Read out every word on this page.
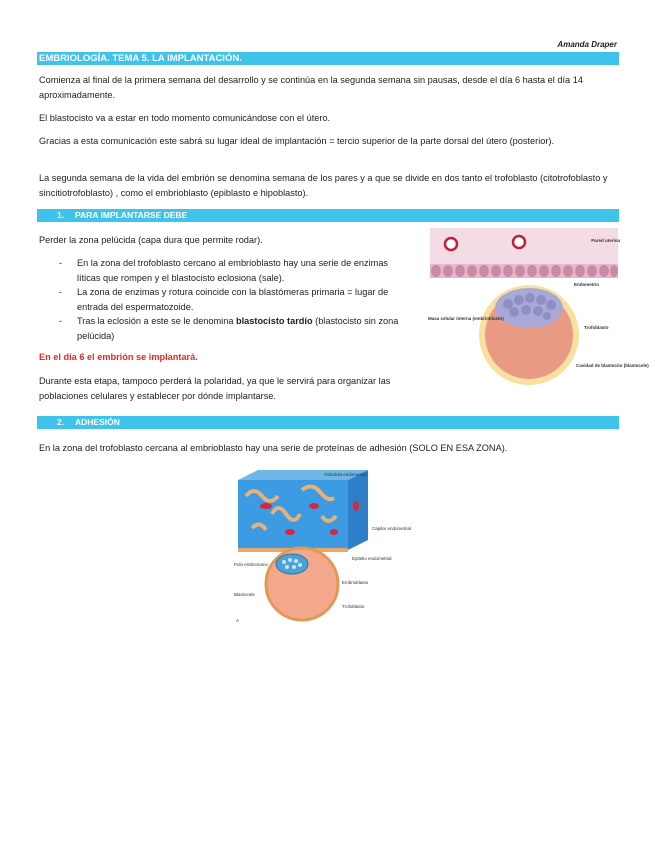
Amanda Draper
EMBRIOLOGÍA. TEMA 5. LA IMPLANTACIÓN.
Comienza al final de la primera semana del desarrollo y se continúa en la segunda semana sin pausas, desde el día 6 hasta el día 14 aproximadamente.
El blastocisto va a estar en todo momento comunicándose con el útero.
Gracias a esta comunicación este sabrá su lugar ideal de implantación = tercio superior de la parte dorsal del útero (posterior).
La segunda semana de la vida del embrión se denomina semana de los pares y a que se divide en dos tanto el trofoblasto (citotrofoblasto y sincitiotrofoblasto) , como el embrioblasto (epiblasto e hipoblasto).
1. PARA IMPLANTARSE DEBE
Perder la zona pelúcida (capa dura que permite rodar).
-	En la zona del trofoblasto cercano al embrioblasto hay una serie de enzimas líticas que rompen y el blastocisto eclosiona (sale).
-	La zona de enzimas y rotura coincide con la blastómeras primaria = lugar de entrada del espermatozoide.
-	Tras la eclosión a este se le denomina blastocisto tardío (blastocisto sin zona pelúcida)
En el día 6 el embrión se implantará.
Durante esta etapa, tampoco perderá la polaridad, ya que le servirá para organizar las poblaciones celulares y establecer por dónde implantarse.
Pared uterina
Endometrio
Masa celular interna (embrioblasto)
Trofoblasto
Cavidad de blastocito (blastocele)
2. ADHESIÓN
En la zona del trofoblasto cercana al embrioblasto hay una serie de proteínas de adhesión (SOLO EN ESA ZONA).
Glándula endometrial
Capilar endometrial
Epitelio endometrial
Polo embrionario
Embrioblasto
Blastocele
Trofoblasto
A
